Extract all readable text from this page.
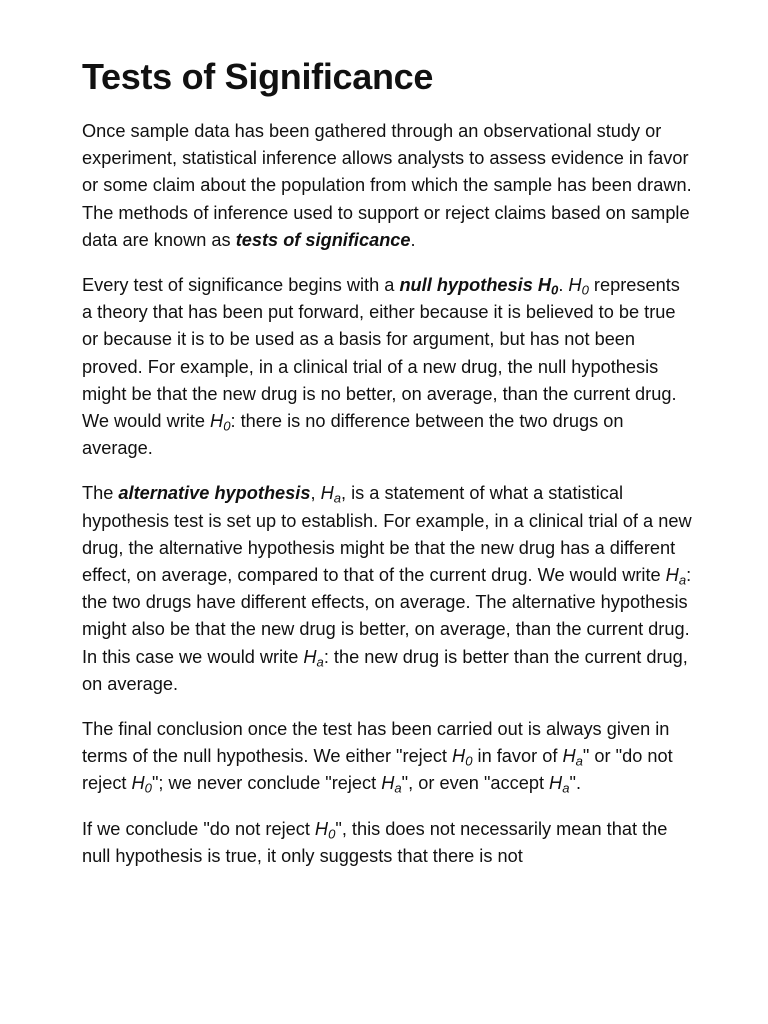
Tests of Significance

Once sample data has been gathered through an observational study or experiment, statistical inference allows analysts to assess evidence in favor or some claim about the population from which the sample has been drawn. The methods of inference used to support or reject claims based on sample data are known as tests of significance.

Every test of significance begins with a null hypothesis $H_0$. $H_0$ represents a theory that has been put forward, either because it is believed to be true or because it is to be used as a basis for argument, but has not been proved. For example, in a clinical trial of a new drug, the null hypothesis might be that the new drug is no better, on average, than the current drug. We would write $H_0$: there is no difference between the two drugs on average.

The alternative hypothesis, $H_a$, is a statement of what a statistical hypothesis test is set up to establish. For example, in a clinical trial of a new drug, the alternative hypothesis might be that the new drug has a different effect, on average, compared to that of the current drug. We would write $H_a$: the two drugs have different effects, on average. The alternative hypothesis might also be that the new drug is better, on average, than the current drug. In this case we would write $H_a$: the new drug is better than the current drug, on average.

The final conclusion once the test has been carried out is always given in terms of the null hypothesis. We either "reject $H_0$ in favor of $H_a$" or "do not reject $H_0$"; we never conclude "reject $H_a$", or even "accept $H_a$".

If we conclude "do not reject $H_0$", this does not necessarily mean that the null hypothesis is true, it only suggests that there is not
